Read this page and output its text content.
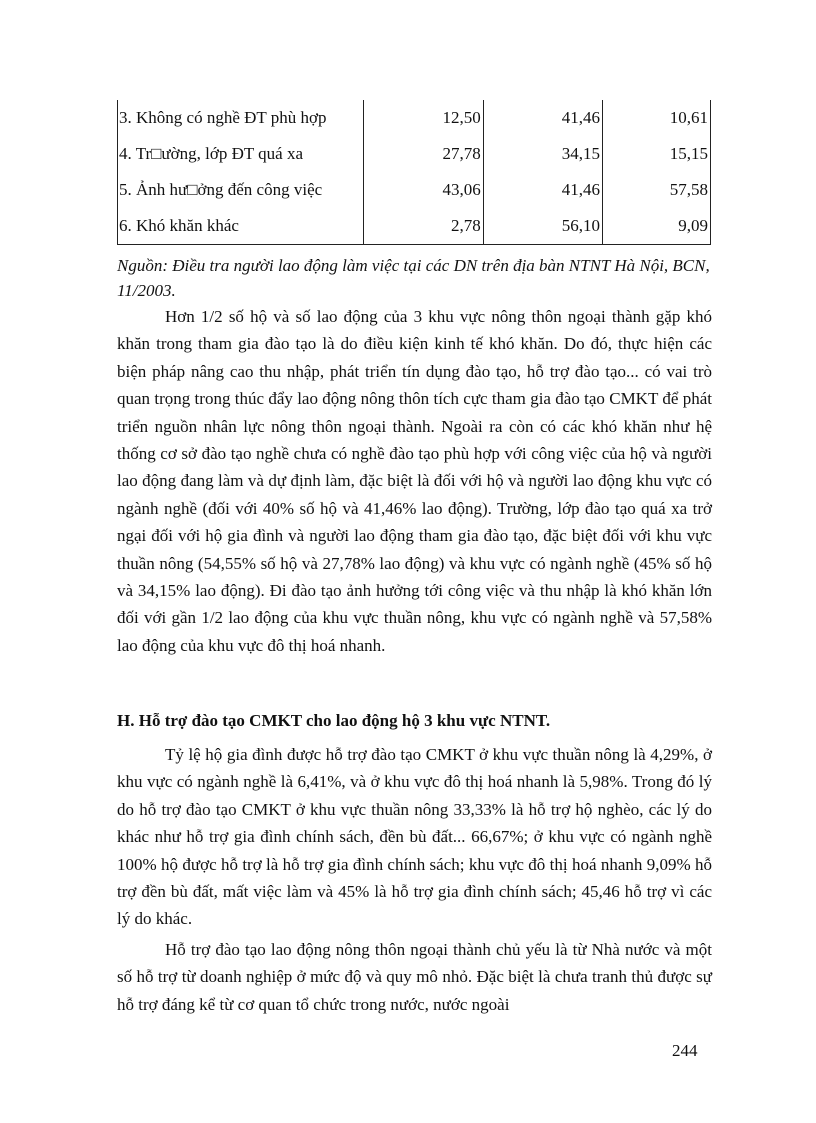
3. Không có nghề ĐT phù hợp	12,50	41,46	10,61
4. Tr□ường, lớp ĐT quá xa	27,78	34,15	15,15
5. Ảnh hư□ởng đến công việc	43,06	41,46	57,58
6. Khó khăn khác	2,78	56,10	9,09

Nguồn: Điều tra người lao động làm việc tại các DN trên địa bàn NTNT Hà Nội, BCN, 11/2003.

Hơn 1/2 số hộ và số lao động của 3 khu vực nông thôn ngoại thành gặp khó khăn trong tham gia đào tạo là do điều kiện kinh tế khó khăn. Do đó, thực hiện các biện pháp nâng cao thu nhập, phát triển tín dụng đào tạo, hỗ trợ đào tạo... có vai trò quan trọng trong thúc đẩy lao động nông thôn tích cực tham gia đào tạo CMKT để phát triển nguồn nhân lực nông thôn ngoại thành. Ngoài ra còn có các khó khăn như hệ thống cơ sở đào tạo nghề chưa có nghề đào tạo phù hợp với công việc của hộ và người lao động đang làm và dự định làm, đặc biệt là đối với hộ và người lao động khu vực có ngành nghề (đối với 40% số hộ và 41,46% lao động). Trường, lớp đào tạo quá xa trở ngại đối với hộ gia đình và người lao động tham gia đào tạo, đặc biệt đối với khu vực thuần nông (54,55% số hộ và 27,78% lao động) và khu vực có ngành nghề (45% số hộ và 34,15% lao động). Đi đào tạo ảnh hưởng tới công việc và thu nhập là khó khăn lớn đối với gần 1/2 lao động của khu vực thuần nông, khu vực có ngành nghề và 57,58% lao động của khu vực đô thị hoá nhanh.

H. Hỗ trợ đào tạo CMKT cho lao động hộ 3 khu vực NTNT.

Tỷ lệ hộ gia đình được hỗ trợ đào tạo CMKT ở khu vực thuần nông là 4,29%, ở khu vực có ngành nghề là 6,41%, và ở khu vực đô thị hoá nhanh là 5,98%. Trong đó lý do hỗ trợ đào tạo CMKT ở khu vực thuần nông 33,33% là hỗ trợ hộ nghèo, các lý do khác như hỗ trợ gia đình chính sách, đền bù đất... 66,67%; ở khu vực có ngành nghề 100% hộ được hỗ trợ là hỗ trợ gia đình chính sách; khu vực đô thị hoá nhanh 9,09% hỗ trợ đền bù đất, mất việc làm và 45% là hỗ trợ gia đình chính sách; 45,46 hỗ trợ vì các lý do khác.

Hỗ trợ đào tạo lao động nông thôn ngoại thành chủ yếu là từ Nhà nước và một số hỗ trợ từ doanh nghiệp ở mức độ và quy mô nhỏ. Đặc biệt là chưa tranh thủ được sự hỗ trợ đáng kể từ cơ quan tổ chức trong nước, nước ngoài

244
